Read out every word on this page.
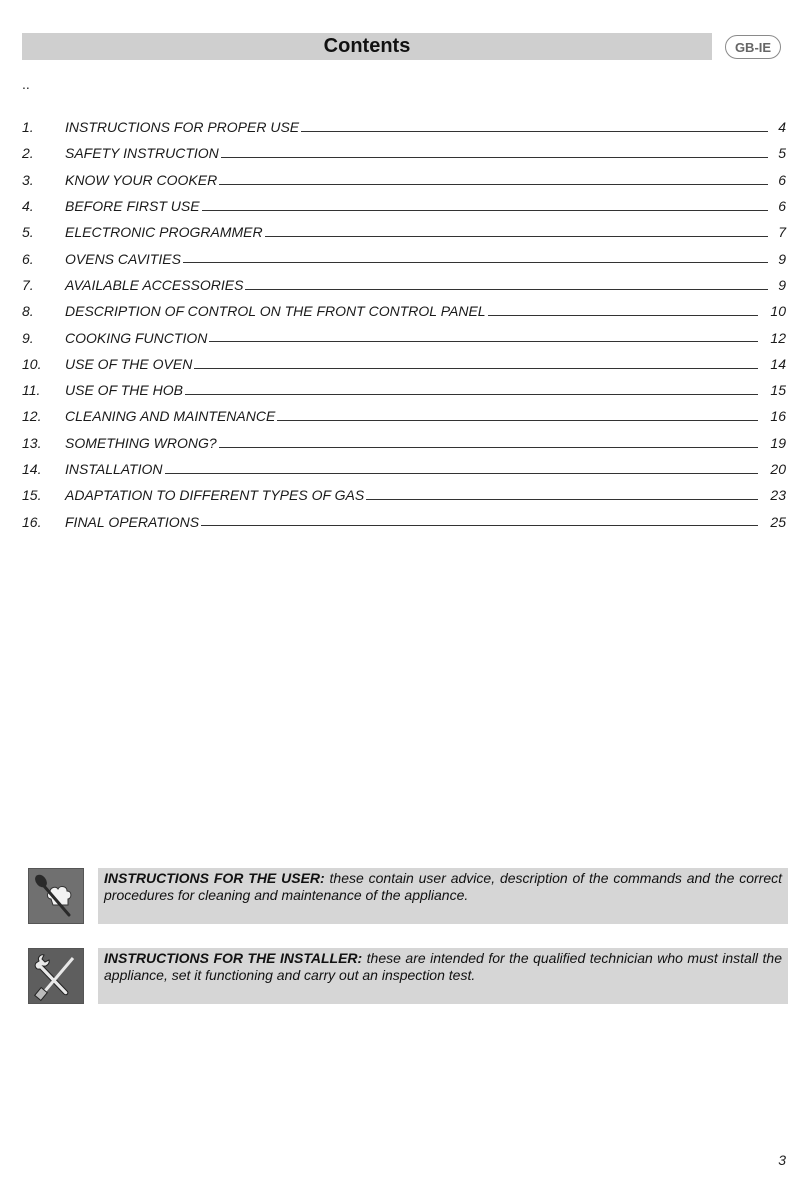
Contents	GB-IE
..
1.	INSTRUCTIONS FOR PROPER USE	4
2.	SAFETY INSTRUCTION	5
3.	KNOW YOUR COOKER	6
4.	BEFORE FIRST USE	6
5.	ELECTRONIC PROGRAMMER	7
6.	OVENS CAVITIES	9
7.	AVAILABLE ACCESSORIES	9
8.	DESCRIPTION OF CONTROL ON THE FRONT CONTROL PANEL	10
9.	COOKING FUNCTION	12
10.	USE OF THE OVEN	14
11.	USE OF THE HOB	15
12.	CLEANING AND MAINTENANCE	16
13.	SOMETHING WRONG?	19
14.	INSTALLATION	20
15.	ADAPTATION TO DIFFERENT TYPES OF GAS	23
16.	FINAL OPERATIONS	25
INSTRUCTIONS FOR THE USER: these contain user advice, description of the commands and the correct procedures for cleaning and maintenance of the appliance.
INSTRUCTIONS FOR THE INSTALLER: these are intended for the qualified technician who must install the appliance, set it functioning and carry out an inspection test.
3
